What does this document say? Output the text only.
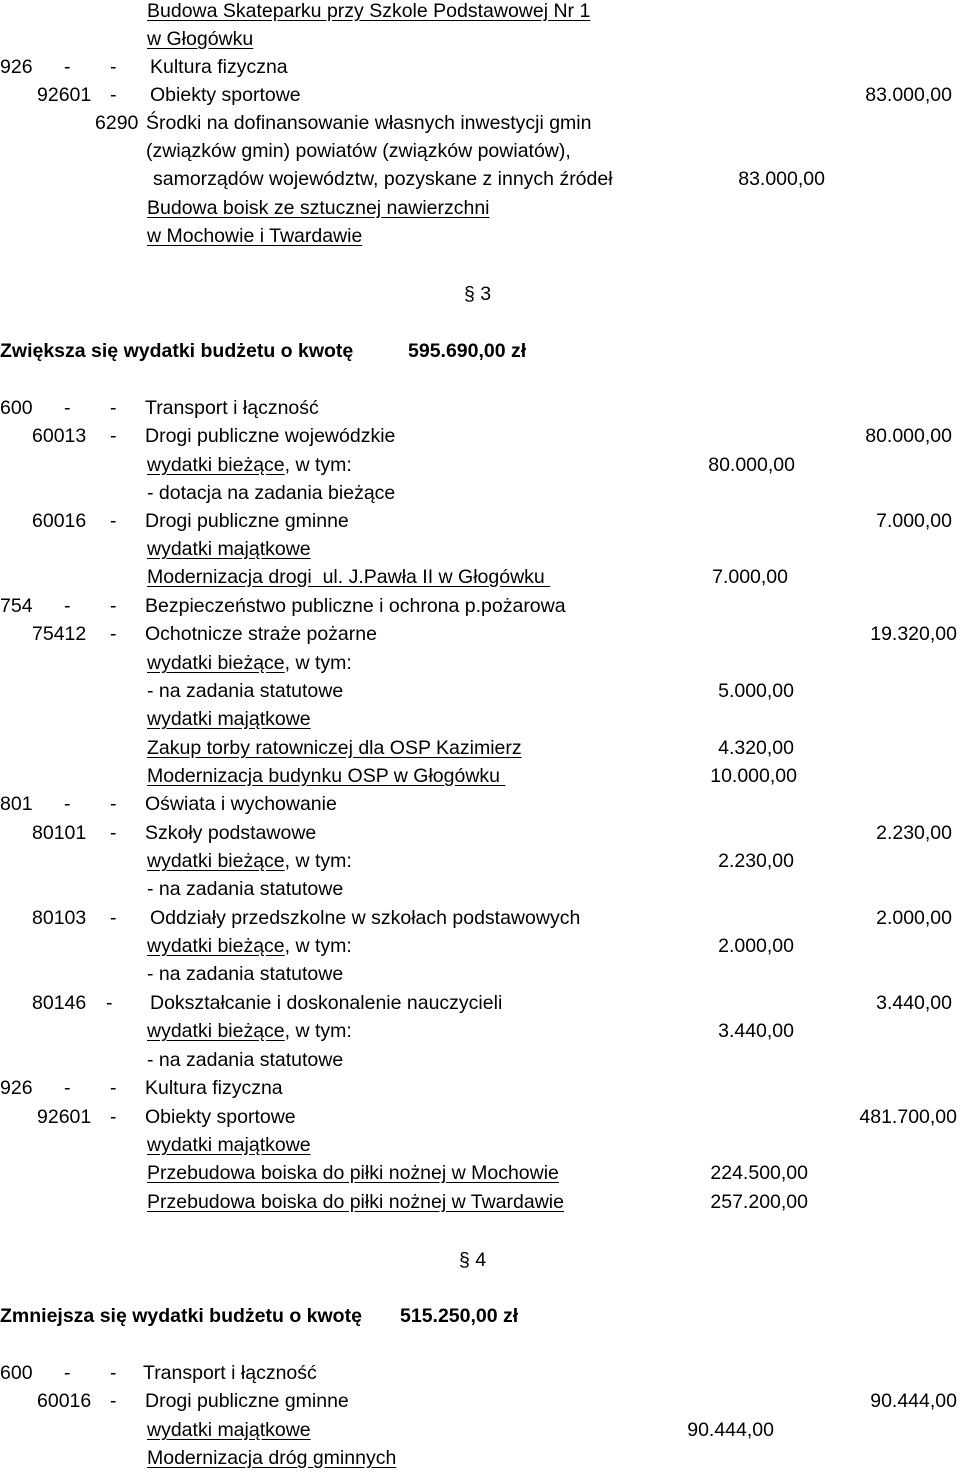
Budowa Skateparku przy Szkole Podstawowej Nr 1
w Głogówku
926 - - Kultura fizyczna
92601 - Obiekty sportowe	83.000,00
6290 Środki na dofinansowanie własnych inwestycji gmin
(związków gmin) powiatów (związków powiatów),
samorządów województw, pozyskane z innych źródeł	83.000,00
Budowa boisk ze sztucznej nawierzchni
w Mochowie i Twardawie
§ 3
Zwiększa się wydatki budżetu o kwotę	595.690,00 zł
600 - - Transport i łączność
60013 - Drogi publiczne wojewódzkie	80.000,00
wydatki bieżące, w tym:	80.000,00
- dotacja na zadania bieżące
60016 - Drogi publiczne gminne	7.000,00
wydatki majątkowe
Modernizacja drogi  ul. J.Pawła II w Głogówku	7.000,00
754 - - Bezpieczeństwo publiczne i ochrona p.pożarowa
75412 - Ochotnicze straże pożarne	19.320,00
wydatki bieżące, w tym:
- na zadania statutowe	5.000,00
wydatki majątkowe
Zakup torby ratowniczej dla OSP Kazimierz	4.320,00
Modernizacja budynku OSP w Głogówku	10.000,00
801 - - Oświata i wychowanie
80101 - Szkoły podstawowe	2.230,00
wydatki bieżące, w tym:	2.230,00
- na zadania statutowe
80103 - Oddziały przedszkolne w szkołach podstawowych	2.000,00
wydatki bieżące, w tym:	2.000,00
- na zadania statutowe
80146 - Dokształcanie i doskonalenie nauczycieli	3.440,00
wydatki bieżące, w tym:	3.440,00
- na zadania statutowe
926 - - Kultura fizyczna
92601 - Obiekty sportowe	481.700,00
wydatki majątkowe
Przebudowa boiska do piłki nożnej w Mochowie	224.500,00
Przebudowa boiska do piłki nożnej w Twardawie	257.200,00
§ 4
Zmniejsza się wydatki budżetu o kwotę 515.250,00 zł
600 - - Transport i łączność
60016 - Drogi publiczne gminne	90.444,00
wydatki majątkowe	90.444,00
Modernizacja dróg gminnych
